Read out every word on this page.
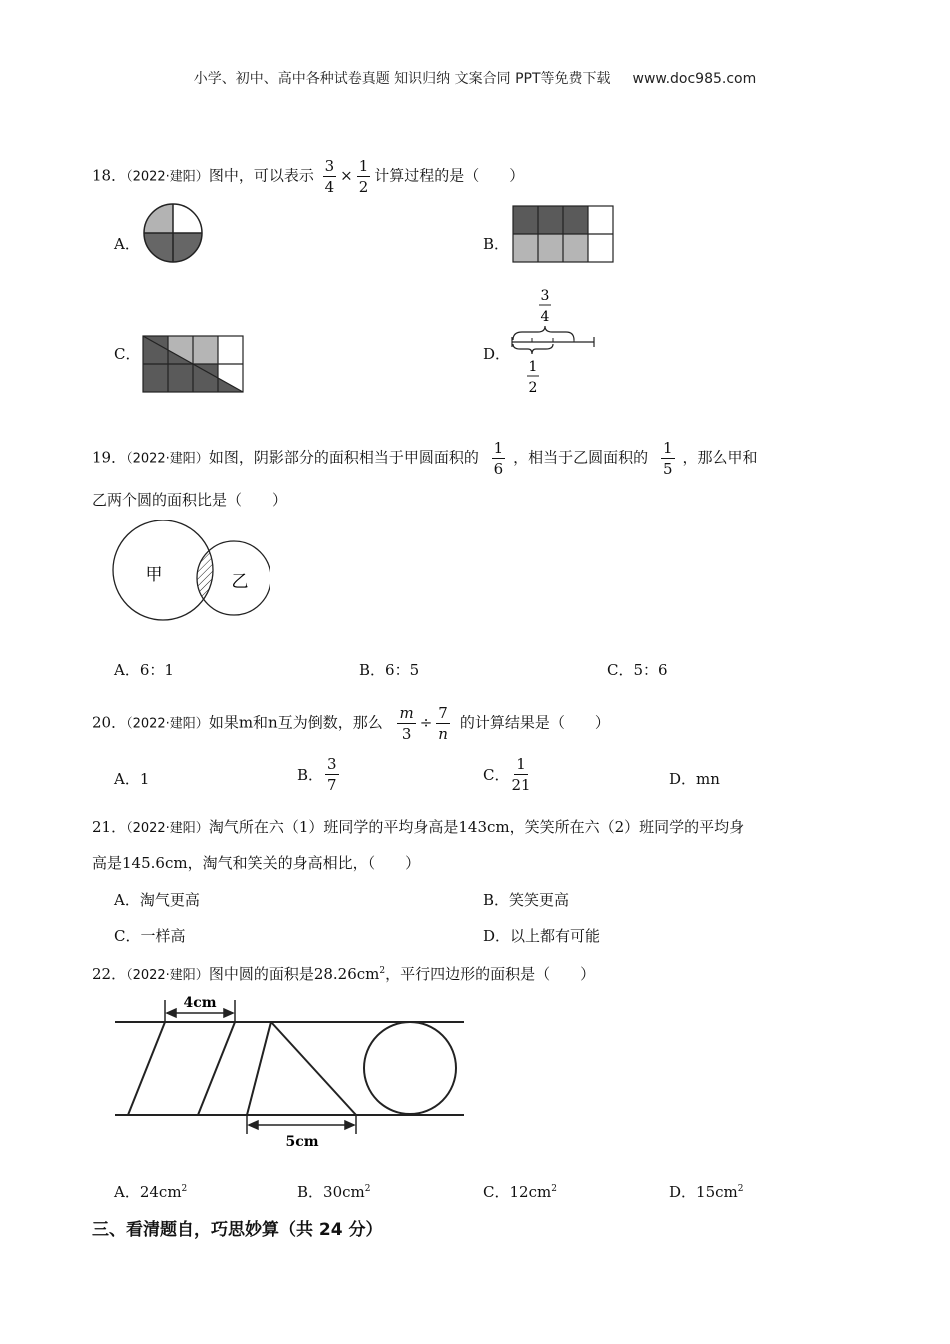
小学、初中、高中各种试卷真题 知识归纳 文案合同 PPT等免费下载 www.doc985.com
18．（2022·建阳）图中，可以表示 $\frac{3}{4} \times \frac{1}{2}$ 计算过程的是（　　）
A．	B．
C．	D．
3
4
1
2
19．（2022·建阳）如图，阴影部分的面积相当于甲圆面积的 $\frac{1}{6}$ ，相当于乙圆面积的 $\frac{1}{5}$ ，那么甲和
乙两个圆的面积比是（　　）
甲	乙
A．6：1	B．6：5	C．5：6
20．（2022·建阳）如果m和n互为倒数，那么 $\frac{m}{3} \div \frac{7}{n}$ 的计算结果是（　　）
A．1	B． $\frac{3}{7}$	C． $\frac{1}{21}$	D．mn
21．（2022·建阳）淘气所在六（1）班同学的平均身高是143cm，笑笑所在六（2）班同学的平均身
高是145.6cm，淘气和笑关的身高相比，（　　）
A．淘气更高	B．笑笑更高
C．一样高	D．以上都有可能
22．（2022·建阳）图中圆的面积是$28.26cm^2$，平行四边形的面积是（　　）
4cm
5cm
A．$24cm^2$	B．$30cm^2$	C．$12cm^2$	D．$15cm^2$
三、看清题自，巧思妙算（共 24 分）
